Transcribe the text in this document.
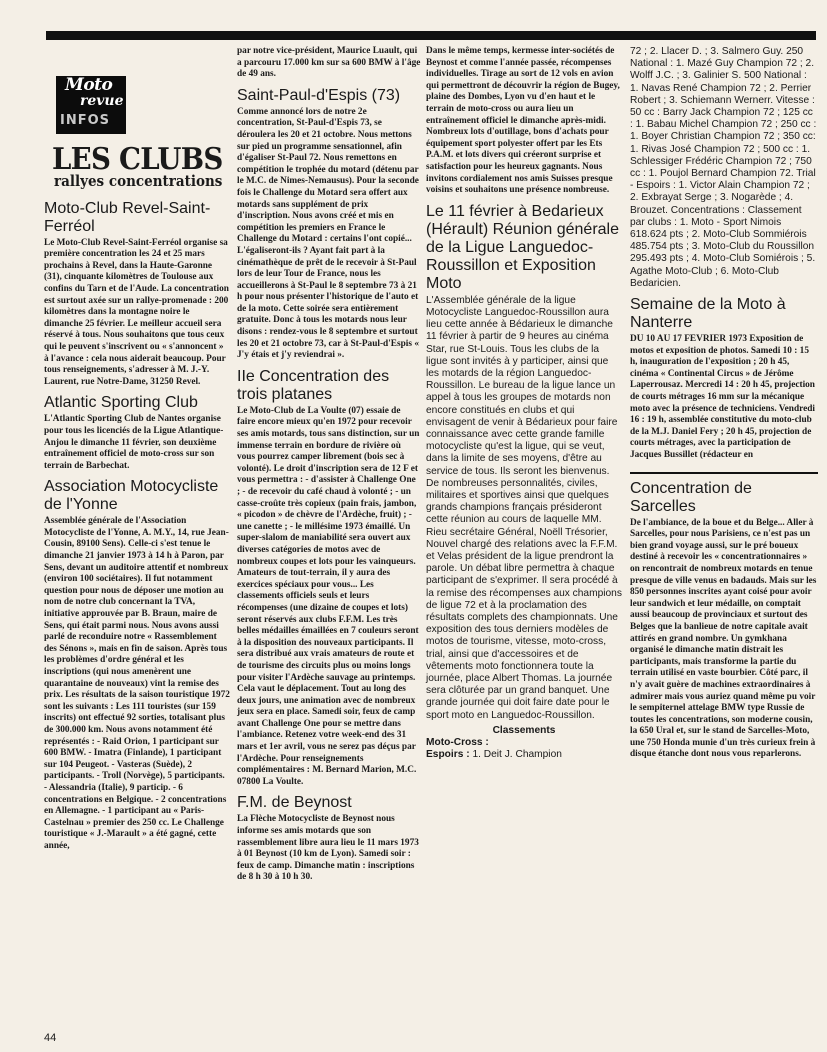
Moto
revue
INFOS
LES CLUBS
rallyes concentrations
Moto-Club Revel-Saint-Ferréol

Le Moto-Club Revel-Saint-Ferréol organise sa première concentration les 24 et 25 mars prochains à Revel, dans la Haute-Garonne (31), cinquante kilomètres de Toulouse aux confins du Tarn et de l'Aude. La concentration est surtout axée sur un rallye-promenade : 200 kilomètres dans la montagne noire le dimanche 25 février. Le meilleur accueil sera réservé à tous. Nous souhaitons que tous ceux qui le peuvent s'inscrivent ou « s'annoncent » à l'avance : cela nous aiderait beaucoup. Pour tous renseignements, s'adresser à M. J.-Y. Laurent, rue Notre-Dame, 31250 Revel.

Atlantic Sporting Club

L'Atlantic Sporting Club de Nantes organise pour tous les licenciés de la Ligue Atlantique-Anjou le dimanche 11 février, son deuxième entraînement officiel de moto-cross sur son terrain de Barbechat.

Association Motocycliste de l'Yonne

Assemblée générale de l'Association Motocycliste de l'Yonne, A. M.Y., 14, rue Jean-Cousin, 89100 Sens). Celle-ci s'est tenue le dimanche 21 janvier 1973 à 14 h à Paron, par Sens, devant un auditoire attentif et nombreux (environ 100 sociétaires). Il fut notamment question pour nous de déposer une motion au nom de notre club concernant la TVA, initiative approuvée par B. Braun, maire de Sens, qui était parmi nous. Nous avons aussi parlé de reconduire notre « Rassemblement des Sénons », mais en fin de saison. Après tous les problèmes d'ordre général et les inscriptions (qui nous amenèrent une quarantaine de nouveaux) vint la remise des prix. Les résultats de la saison touristique 1972 sont les suivants : Les 111 touristes (sur 159 inscrits) ont effectué 92 sorties, totalisant plus de 300.000 km. Nous avons notamment été représentés : - Raid Orion, 1 participant sur 600 BMW. - Imatra (Finlande), 1 participant sur 104 Peugeot. - Vasteras (Suède), 2 participants. - Troll (Norvège), 5 participants. - Alessandria (Italie), 9 particip. - 6 concentrations en Belgique. - 2 concentrations en Allemagne. - 1 participant au « Paris-Castelnau » premier des 250 cc. Le Challenge touristique « J.-Marault » a été gagné, cette année,

par notre vice-président, Maurice Luault, qui a parcouru 17.000 km sur sa 600 BMW à l'âge de 49 ans.

Saint-Paul-d'Espis (73)

Comme annoncé lors de notre 2e concentration, St-Paul-d'Espis 73, se déroulera les 20 et 21 octobre. Nous mettons sur pied un programme sensationnel, afin d'égaliser St-Paul 72. Nous remettons en compétition le trophée du motard (détenu par le M.C. de Nimes-Nemausus). Pour la seconde fois le Challenge du Motard sera offert aux motards sans supplément de prix d'inscription. Nous avons créé et mis en compétition les premiers en France le Challenge du Motard : certains l'ont copié... L'égaliseront-ils ? Ayant fait part à la cinémathèque de prêt de le recevoir à St-Paul lors de leur Tour de France, nous les accueillerons à St-Paul le 8 septembre 73 à 21 h pour nous présenter l'historique de l'auto et de la moto. Cette soirée sera entièrement gratuite. Donc à tous les motards nous leur disons : rendez-vous le 8 septembre et surtout les 20 et 21 octobre 73, car à St-Paul-d'Espis « J'y étais et j'y reviendrai ».

IIe Concentration des trois platanes

Le Moto-Club de La Voulte (07) essaie de faire encore mieux qu'en 1972 pour recevoir ses amis motards, tous sans distinction, sur un immense terrain en bordure de rivière où vous pourrez camper librement (bois sec à volonté). Le droit d'inscription sera de 12 F et vous permettra : - d'assister à Challenge One ; - de recevoir du café chaud à volonté ; - un casse-croûte très copieux (pain frais, jambon, « picodon » de chèvre de l'Ardèche, fruit) ; - une canette ; - le millésime 1973 émaillé. Un super-slalom de maniabilité sera ouvert aux diverses catégories de motos avec de nombreux coupes et lots pour les vainqueurs. Amateurs de tout-terrain, il y aura des exercices spéciaux pour vous... Les classements officiels seuls et leurs récompenses (une dizaine de coupes et lots) seront réservés aux clubs F.F.M. Les très belles médailles émaillées en 7 couleurs seront à la disposition des nouveaux participants. Il sera distribué aux vrais amateurs de route et de tourisme des circuits plus ou moins longs pour visiter l'Ardèche sauvage au printemps. Cela vaut le déplacement. Tout au long des deux jours, une animation avec de nombreux jeux sera en place. Samedi soir, feux de camp avant Challenge One pour se mettre dans l'ambiance. Retenez votre week-end des 31 mars et 1er avril, vous ne serez pas déçus par l'Ardèche. Pour renseignements complémentaires : M. Bernard Marion, M.C. 07800 La Voulte.

F.M. de Beynost

La Flèche Motocycliste de Beynost nous informe ses amis motards que son rassemblement libre aura lieu le 11 mars 1973 à 01 Beynost (10 km de Lyon). Samedi soir : feux de camp. Dimanche matin : inscriptions de 8 h 30 à 10 h 30.

Dans le même temps, kermesse inter-sociétés de Beynost et comme l'année passée, récompenses individuelles. Tirage au sort de 12 vols en avion qui permettront de découvrir la région de Bugey, plaine des Dombes, Lyon vu d'en haut et le terrain de moto-cross ou aura lieu un entraînement officiel le dimanche après-midi. Nombreux lots d'outillage, bons d'achats pour équipement sport polyester offert par les Ets P.A.M. et lots divers qui créeront surprise et satisfaction pour les heureux gagnants. Nous invitons cordialement nos amis Suisses presque voisins et souhaitons une présence nombreuse.

Le 11 février à Bedarieux (Hérault) Réunion générale de la Ligue Languedoc-Roussillon et Exposition Moto

L'Assemblée générale de la ligue Motocycliste Languedoc-Roussillon aura lieu cette année à Bédarieux le dimanche 11 février à partir de 9 heures au cinéma Star, rue St-Louis. Tous les clubs de la ligue sont invités à y participer, ainsi que les motards de la région Languedoc-Roussillon. Le bureau de la ligue lance un appel à tous les groupes de motards non encore constitués en clubs et qui envisagent de venir à Bédarieux pour faire connaissance avec cette grande famille motocycliste qu'est la ligue, qui se veut, dans la limite de ses moyens, d'être au service de tous. Ils seront les bienvenus. De nombreuses personnalités, civiles, militaires et sportives ainsi que quelques grands champions français présideront cette réunion au cours de laquelle MM. Rieu secrétaire Général, Noëll Trésorier, Nouvel chargé des relations avec la F.F.M. et Velas président de la ligue prendront la parole. Un débat libre permettra à chaque participant de s'exprimer. Il sera procédé à la remise des récompenses aux champions de ligue 72 et à la proclamation des résultats complets des championnats. Une exposition des tous derniers modèles de motos de tourisme, vitesse, moto-cross, trial, ainsi que d'accessoires et de vêtements moto fonctionnera toute la journée, place Albert Thomas. La journée sera clôturée par un grand banquet. Une grande journée qui doit faire date pour le sport moto en Languedoc-Roussillon.

Classements

Moto-Cross :

Espoirs : 1. Deit J. Champion

72 ; 2. Llacer D. ; 3. Salmero Guy. 250 National : 1. Mazé Guy Champion 72 ; 2. Wolff J.C. ; 3. Galinier S. 500 National : 1. Navas René Champion 72 ; 2. Perrier Robert ; 3. Schiemann Wernerr. Vitesse : 50 cc : Barry Jack Champion 72 ; 125 cc : 1. Babau Michel Champion 72 ; 250 cc : 1. Boyer Christian Champion 72 ; 350 cc: 1. Rivas José Champion 72 ; 500 cc : 1. Schlessiger Frédéric Champion 72 ; 750 cc : 1. Poujol Bernard Champion 72. Trial - Espoirs : 1. Victor Alain Champion 72 ; 2. Exbrayat Serge ; 3. Nogarède ; 4. Brouzet. Concentrations : Classement par clubs : 1. Moto - Sport Nimois 618.624 pts ; 2. Moto-Club Sommiérois 485.754 pts ; 3. Moto-Club du Roussillon 295.493 pts ; 4. Moto-Club Somiérois ; 5. Agathe Moto-Club ; 6. Moto-Club Bedaricien.

Semaine de la Moto à Nanterre

DU 10 AU 17 FEVRIER 1973 Exposition de motos et exposition de photos. Samedi 10 : 15 h, inauguration de l'exposition ; 20 h 45, cinéma « Continental Circus » de Jérôme Laperrousaz. Mercredi 14 : 20 h 45, projection de courts métrages 16 mm sur la mécanique moto avec la présence de techniciens. Vendredi 16 : 19 h, assemblée constitutive du moto-club de la M.J. Daniel Fery ; 20 h 45, projection de courts métrages, avec la participation de Jacques Bussillet (rédacteur en

Concentration de Sarcelles

De l'ambiance, de la boue et du Belge... Aller à Sarcelles, pour nous Parisiens, ce n'est pas un bien grand voyage aussi, sur le pré boueux destiné à recevoir les « concentrationnaires » on rencontrait de nombreux motards en tenue presque de ville venus en badauds. Mais sur les 850 personnes inscrites ayant coisé pour avoir leur sandwich et leur médaille, on comptait aussi beaucoup de provinciaux et surtout des Belges que la banlieue de notre capitale avait attirés en grand nombre. Un gymkhana organisé le dimanche matin distrait les participants, mais transforme la partie du terrain utilisé en vaste bourbier. Côté parc, il n'y avait guère de machines extraordinaires à admirer mais vous auriez quand même pu voir le sempiternel attelage BMW type Russie de toutes les concentrations, son moderne cousin, la 650 Ural et, sur le stand de Sarcelles-Moto, une 750 Honda munie d'un très curieux frein à disque étanche dont nous vous reparlerons.

44
